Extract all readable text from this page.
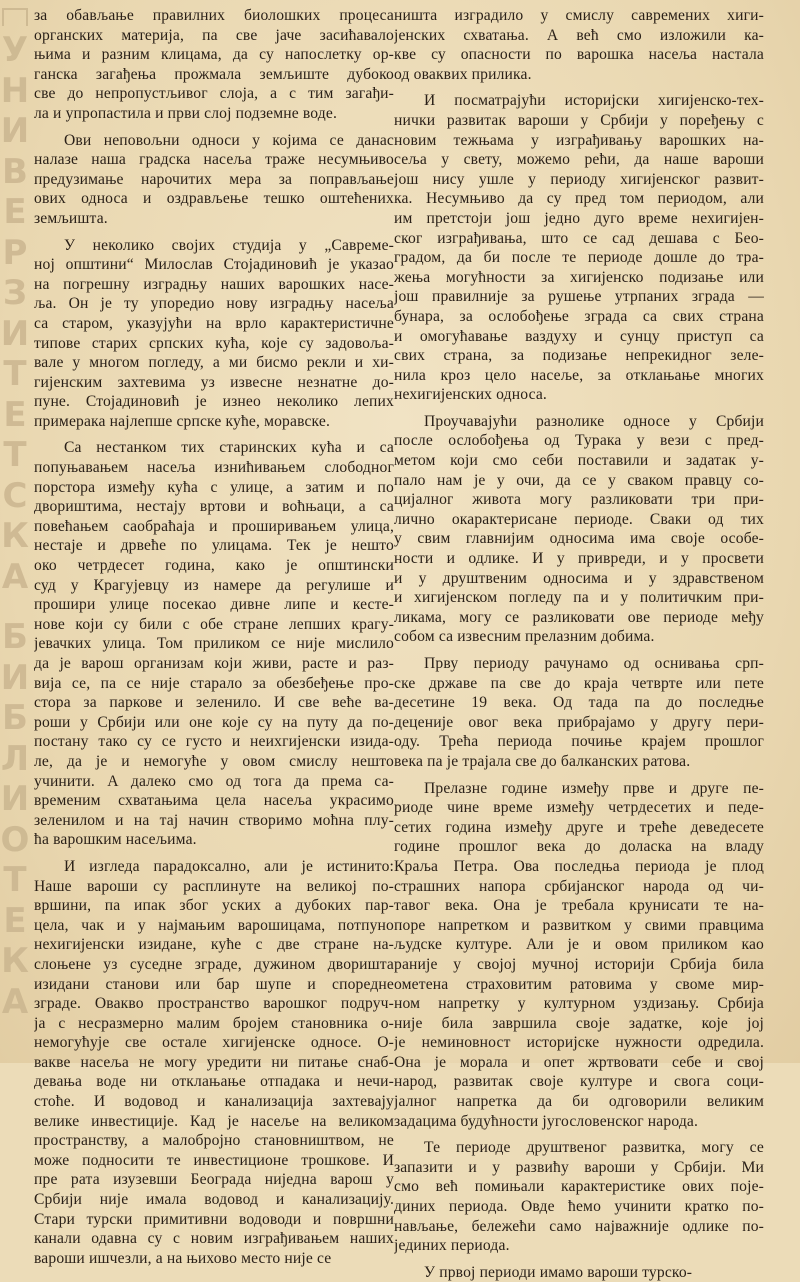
У
Н
И
В
Е
Р
З
И
Т
Е
Т
С
К
А
Б
И
Б
Л
И
О
Т
Е
К
А
за обављање правилних биолошких процеса
органских материја, па све јаче засићавало
њима и разним клицама, да су напослетку ор-
ганска загађења прожмала земљиште дубоко
све до непропустљивог слоја, а с тим загађи-
ла и упропастила и први слој подземне воде.
Ови неповољни односи у којима се данас
налазе наша градска насеља траже несумњиво
предузимање нарочитих мера за поправљање
ових односа и оздрављење тешко оштећених
земљишта.
У неколико својих студија у „Савреме-
ној општини“ Милослав Стојадиновић је указао
на погрешну изградњу наших варошких насе-
ља. Он је ту упоредио нову изградњу насеља
са старом, указујући на врло карактеристичне
типове старих српских кућа, које су задовоља-
вале у многом погледу, а ми бисмо рекли и хи-
гијенским захтевима уз извесне незнатне до-
пуне. Стојадиновић је изнео неколико лепих
примерака најлепше српске куће, моравске.
Са нестанком тих старинских кућа и са
попуњавањем насеља изнићивањем слободног
порстора између кућа с улице, а затим и по
двориштима, нестају вртови и воћњаци, а са
повећањем саобраћаја и проширивањем улица,
нестаје и дрвеће по улицама. Тек је нешто
око четрдесет година, како је општински
суд у Крагујевцу из намере да регулише и
прошири улице посекао дивне липе и кесте-
нове који су били с обе стране лепших крагу-
јевачких улица. Том приликом се није мислило
да је варош организам који живи, расте и раз-
вија се, па се није старало за обезбеђење про-
стора за паркове и зеленило. И све веће ва-
роши у Србији или оне које су на путу да по-
постану тако су се густо и неихгијенски изида-
ле, да је и немогуће у овом смислу нешто
учинити. А далеко смо од тога да према са-
временим схватањима цела насеља украсимо
зеленилом и на тај начин створимо моћна плу-
ћа варошким насељима.
И изгледа парадоксално, али је истинито:
Наше вароши су расплинуте на великој по-
вршини, па ипак због уских а дубоких пар-
цела, чак и у најмањим варошицама, потпуно
нехигијенски изидане, куће с две стране на-
слоњене уз суседне зграде, дужином дворишта
изидани станови или бар шупе и споредне
зграде. Овакво пространство варошког подруч-
ја с несразмерно малим бројем становника о-
немогућује све остале хигијенске односе. О-
вакве насеља не могу уредити ни питање снаб-
девања воде ни отклањање отпадака и нечи-
стоће. И водовод и канализација захтевају
велике инвестиције. Кад је насеље на великом
пространству, а малобројно становништвом, не
може подносити те инвестиционе трошкове. И
пре рата изузевши Београда ниједна варош у
Србији није имала водовод и канализацију.
Стари турски примитивни водоводи и површни
канали одавна су с новим изграђивањем наших
вароши ишчезли, а на њихово место није се
ништа изградило у смислу савремених хиги-
јенских схватања. А већ смо изложили ка-
кве су опасности по варошка насеља настала
од оваквих прилика.
И посматрајући историјски хигијенско-тех-
нички развитак вароши у Србији у поређењу с
новим тежњама у изграђивању варошких на-
сеља у свету, можемо рећи, да наше вароши
још нису ушле у периоду хигијенског развит-
ка. Несумњиво да су пред том периодом, али
им претстоји још једно дуго време нехигијен-
ског изграђивања, што се сад дешава с Бео-
градом, да би после те периоде дошле до тра-
жења могућности за хигијенско подизање или
још правилније за рушење утрпаних зграда —
бунара, за ослобођење зграда са свих страна
и омогућавање ваздуху и сунцу приступ са
свих страна, за подизање непрекидног зеле-
нила кроз цело насеље, за отклањање многих
нехигијенских односа.
Проучавајући разнолике односе у Србији
после ослобођења од Турака у вези с пред-
метом који смо себи поставили и задатак у-
пало нам је у очи, да се у сваком правцу со-
цијалног живота могу разликовати три при-
лично окарактерисане периоде. Сваки од тих
у свим главнијим односима има своје особе-
ности и одлике. И у привреди, и у просвети
и у друштвеним односима и у здравственом
и хигијенском погледу па и у политичким при-
ликама, могу се разликовати ове периоде међу
собом са извесним прелазним добима.
Прву периоду рачунамо од оснивања срп-
ске државе па све до краја четврте или пете
десетине 19 века. Од тада па до последње
деценије овог века прибрајамо у другу пери-
оду. Трећа периода почиње крајем прошлог
века па је трајала све до балканских ратова.
Прелазне године између прве и друге пе-
риоде чине време између четрдесетих и педе-
сетих година између друге и треће деведесете
године прошлог века до доласка на владу
Краља Петра. Ова последња периода је плод
страшних напора србијанског народа од чи-
тавог века. Она је требала крунисати те на-
поре напретком и развитком у свими правцима
људске културе. Али је и овом приликом као
раније у својој мучној историји Србија била
ометена страховитим ратовима у своме мир-
ном напретку у културном уздизању. Србија
није била завршила своје задатке, које јој
је неминовност историјске нужности одредила.
Она је морала и опет жртвовати себе и свој
народ, развитак своје културе и свога соци-
јалног напретка да би одговорили великим
задацима будућности југословенског народа.
Те периоде друштвеног развитка, могу се
запазити и у развићу вароши у Србији. Ми
смо већ помињали карактеристике ових поје-
диних периода. Овде ћемо учинити кратко по-
нављање, бележећи само најважније одлике по-
јединих периода.
У првој периоди имамо вароши турско-
